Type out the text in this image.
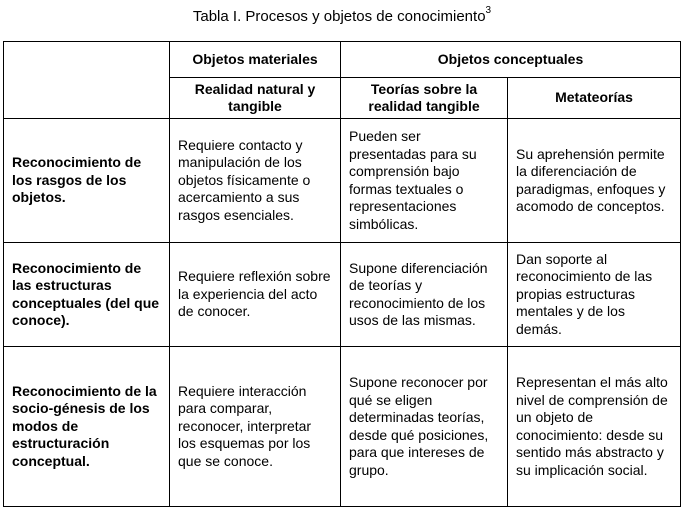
Tabla I. Procesos y objetos de conocimiento$^3$
	Objetos materiales	Objetos conceptuales	
	Realidad natural y tangible	Teorías sobre la realidad tangible	Metateorías
Reconocimiento de los rasgos de los objetos.	Requiere contacto y manipulación de los objetos físicamente o acercamiento a sus rasgos esenciales.	Pueden ser presentadas para su comprensión bajo formas textuales o representaciones simbólicas.	Su aprehensión permite la diferenciación de paradigmas, enfoques y acomodo de conceptos.
Reconocimiento de las estructuras conceptuales (del que conoce).	Requiere reflexión sobre la experiencia del acto de conocer.	Supone diferenciación de teorías y reconocimiento de los usos de las mismas.	Dan soporte al reconocimiento de las propias estructuras mentales y de los demás.
Reconocimiento de la socio-génesis de los modos de estructuración conceptual.	Requiere interacción para comparar, reconocer, interpretar los esquemas por los que se conoce.	Supone reconocer por qué se eligen determinadas teorías, desde qué posiciones, para que intereses de grupo.	Representan el más alto nivel de comprensión de un objeto de conocimiento: desde su sentido más abstracto y su implicación social.
